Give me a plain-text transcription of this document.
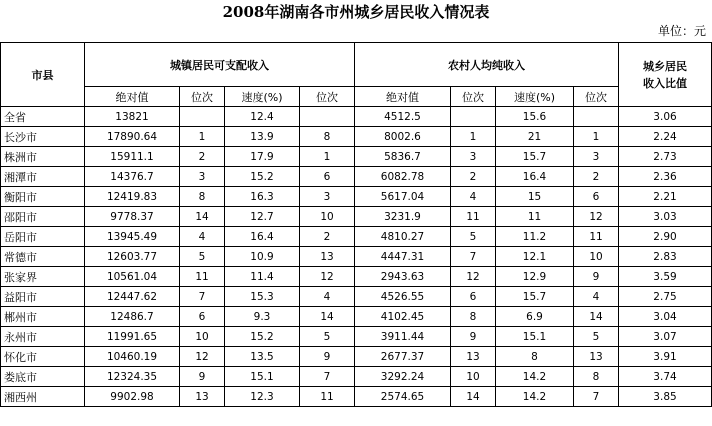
2008年湖南各市州城乡居民收入情况表
单位：元
市县	城镇居民可支配收入				农村人均纯收入				城乡居民
收入比值

	绝对值	位次	速度(%)	位次	绝对值	位次	速度(%)	位次	
全省	13821		12.4		4512.5		15.6		3.06
长沙市	17890.64	1	13.9	8	8002.6	1	21	1	2.24
株洲市	15911.1	2	17.9	1	5836.7	3	15.7	3	2.73
湘潭市	14376.7	3	15.2	6	6082.78	2	16.4	2	2.36
衡阳市	12419.83	8	16.3	3	5617.04	4	15	6	2.21
邵阳市	9778.37	14	12.7	10	3231.9	11	11	12	3.03
岳阳市	13945.49	4	16.4	2	4810.27	5	11.2	11	2.90
常德市	12603.77	5	10.9	13	4447.31	7	12.1	10	2.83
张家界	10561.04	11	11.4	12	2943.63	12	12.9	9	3.59
益阳市	12447.62	7	15.3	4	4526.55	6	15.7	4	2.75
郴州市	12486.7	6	9.3	14	4102.45	8	6.9	14	3.04
永州市	11991.65	10	15.2	5	3911.44	9	15.1	5	3.07
怀化市	10460.19	12	13.5	9	2677.37	13	8	13	3.91
娄底市	12324.35	9	15.1	7	3292.24	10	14.2	8	3.74
湘西州	9902.98	13	12.3	11	2574.65	14	14.2	7	3.85
